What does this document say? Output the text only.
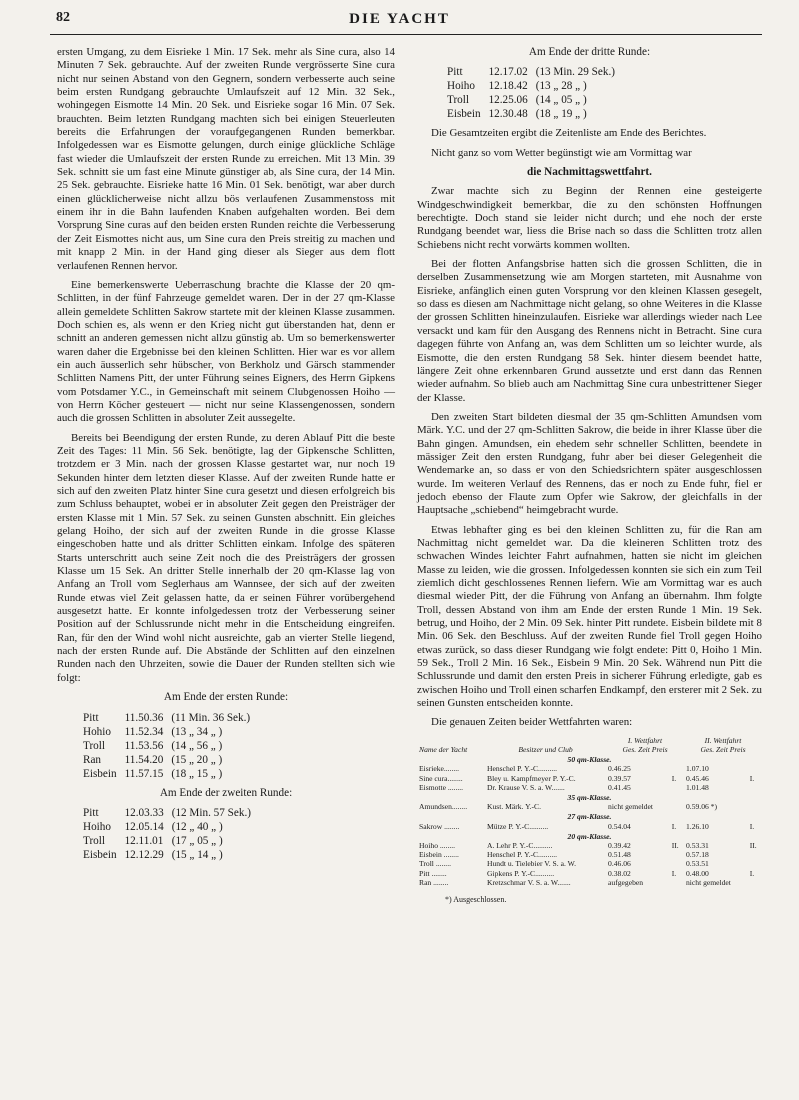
82	DIE YACHT

ersten Umgang, zu dem Eisrieke 1 Min. 17 Sek. mehr als Sine cura, also 14 Minuten 7 Sek. gebrauchte. Auf der zweiten Runde vergrösserte Sine cura nicht nur seinen Abstand von den Gegnern, sondern verbesserte auch seine beim ersten Rundgang gebrauchte Umlaufszeit auf 12 Min. 32 Sek., wohingegen Eismotte 14 Min. 20 Sek. und Eisrieke sogar 16 Min. 07 Sek. brauchten. Beim letzten Rundgang machten sich bei einigen Steuerleuten bereits die Erfahrungen der voraufgegangenen Runden bemerkbar. Infolgedessen war es Eismotte gelungen, durch einige glückliche Schläge fast wieder die Umlaufszeit der ersten Runde zu erreichen. Mit 13 Min. 39 Sek. schnitt sie um fast eine Minute günstiger ab, als Sine cura, der 14 Min. 25 Sek. gebrauchte. Eisrieke hatte 16 Min. 01 Sek. benötigt, war aber durch einen glücklicherweise nicht allzu bös verlaufenen Zusammenstoss mit einem ihr in die Bahn laufenden Knaben aufgehalten worden. Bei dem Vorsprung Sine curas auf den beiden ersten Runden reichte die Verbesserung der Zeit Eismottes nicht aus, um Sine cura den Preis streitig zu machen und mit knapp 2 Min. in der Hand ging dieser als Sieger aus dem flott verlaufenen Rennen hervor.

Eine bemerkenswerte Ueberraschung brachte die Klasse der 20 qm-Schlitten, in der fünf Fahrzeuge gemeldet waren. Der in der 27 qm-Klasse allein gemeldete Schlitten Sakrow startete mit der kleinen Klasse zusammen. Doch schien es, als wenn er den Krieg nicht gut überstanden hat, denn er schnitt an anderen gemessen nicht allzu günstig ab. Um so bemerkenswerter waren daher die Ergebnisse bei den kleinen Schlitten. Hier war es vor allem ein auch äusserlich sehr hübscher, von Berkholz und Gärsch stammender Schlitten Namens Pitt, der unter Führung seines Eigners, des Herrn Gipkens vom Potsdamer Y.C., in Gemeinschaft mit seinem Clubgenossen Hoiho — von Herrn Köcher gesteuert — nicht nur seine Klassengenossen, sondern auch die grossen Schlitten in absoluter Zeit aussegelte.

Bereits bei Beendigung der ersten Runde, zu deren Ablauf Pitt die beste Zeit des Tages: 11 Min. 56 Sek. benötigte, lag der Gipkensche Schlitten, trotzdem er 3 Min. nach der grossen Klasse gestartet war, nur noch 19 Sekunden hinter dem letzten dieser Klasse. Auf der zweiten Runde hatte er sich auf den zweiten Platz hinter Sine cura gesetzt und diesen erfolgreich bis zum Schluss behauptet, wobei er in absoluter Zeit gegen den Preisträger der ersten Klasse mit 1 Min. 57 Sek. zu seinen Gunsten abschnitt. Ein gleiches gelang Hoiho, der sich auf der zweiten Runde in die grosse Klasse eingeschoben hatte und als dritter Schlitten einkam. Infolge des späteren Starts unterschritt auch seine Zeit noch die des Preisträgers der grossen Klasse um 15 Sek. An dritter Stelle innerhalb der 20 qm-Klasse lag von Anfang an Troll vom Seglerhaus am Wannsee, der sich auf der zweiten Runde etwas viel Zeit gelassen hatte, da er seinen Führer vorübergehend ausgesetzt hatte. Er konnte infolgedessen trotz der Verbesserung seiner Position auf der Schlussrunde nicht mehr in die Entscheidung eingreifen. Ran, für den der Wind wohl nicht ausreichte, gab an vierter Stelle liegend, nach der ersten Runde auf. Die Abstände der Schlitten auf den einzelnen Runden nach den Uhrzeiten, sowie die Dauer der Runden stellten sich wie folgt:

Am Ende der ersten Runde:
Pitt	11.50.36	(11 Min. 36 Sek.)
Hohio	11.52.34	(13 „ 34 „ )
Troll	11.53.56	(14 „ 56 „ )
Ran	11.54.20	(15 „ 20 „ )
Eisbein	11.57.15	(18 „ 15 „ )
Am Ende der zweiten Runde:
Pitt	12.03.33	(12 Min. 57 Sek.)
Hoiho	12.05.14	(12 „ 40 „ )
Troll	12.11.01	(17 „ 05 „ )
Eisbein	12.12.29	(15 „ 14 „ )
Am Ende der dritte Runde:
Pitt	12.17.02	(13 Min. 29 Sek.)
Hoiho	12.18.42	(13 „ 28 „ )
Troll	12.25.06	(14 „ 05 „ )
Eisbein	12.30.48	(18 „ 19 „ )

Die Gesamtzeiten ergibt die Zeitenliste am Ende des Berichtes.

Nicht ganz so vom Wetter begünstigt wie am Vormittag war

die Nachmittagswettfahrt.

Zwar machte sich zu Beginn der Rennen eine gesteigerte Windgeschwindigkeit bemerkbar, die zu den schönsten Hoffnungen berechtigte. Doch stand sie leider nicht durch; und ehe noch der erste Rundgang beendet war, liess die Brise nach so dass die Schlitten trotz allen Schiebens nicht recht vorwärts kommen wollten.

Bei der flotten Anfangsbrise hatten sich die grossen Schlitten, die in derselben Zusammensetzung wie am Morgen starteten, mit Ausnahme von Eisrieke, anfänglich einen guten Vorsprung vor den kleinen Klassen gesegelt, so dass es diesen am Nachmittage nicht gelang, so ohne Weiteres in die Klasse der grossen Schlitten hineinzulaufen. Eisrieke war allerdings wieder nach Lee versackt und kam für den Ausgang des Rennens nicht in Betracht. Sine cura dagegen führte von Anfang an, was dem Schlitten um so leichter wurde, als Eismotte, die den ersten Rundgang 58 Sek. hinter diesem beendet hatte, längere Zeit ohne erkennbaren Grund aussetzte und erst dann das Rennen wieder aufnahm. So blieb auch am Nachmittag Sine cura unbestrittener Sieger der Klasse.

Den zweiten Start bildeten diesmal der 35 qm-Schlitten Amundsen vom Märk. Y.C. und der 27 qm-Schlitten Sakrow, die beide in ihrer Klasse über die Bahn gingen. Amundsen, ein ehedem sehr schneller Schlitten, beendete in mässiger Zeit den ersten Rundgang, fuhr aber bei dieser Gelegenheit die Wendemarke an, so dass er von den Schiedsrichtern später ausgeschlossen wurde. Im weiteren Verlauf des Rennens, das er noch zu Ende fuhr, fiel er jedoch ebenso der Flaute zum Opfer wie Sakrow, der gleichfalls in der Hauptsache „schiebend“ heimgebracht wurde.

Etwas lebhafter ging es bei den kleinen Schlitten zu, für die Ran am Nachmittag nicht gemeldet war. Da die kleineren Schlitten trotz des schwachen Windes leichter Fahrt aufnahmen, hatten sie nicht im gleichen Masse zu leiden, wie die grossen. Infolgedessen konnten sie sich ein zum Teil ziemlich dicht geschlossenes Rennen liefern. Wie am Vormittag war es auch diesmal wieder Pitt, der die Führung von Anfang an übernahm. Ihm folgte Troll, dessen Abstand von ihm am Ende der ersten Runde 1 Min. 19 Sek. betrug, und Hoiho, der 2 Min. 09 Sek. hinter Pitt rundete. Eisbein bildete mit 8 Min. 06 Sek. den Beschluss. Auf der zweiten Runde fiel Troll gegen Hoiho etwas zurück, so dass dieser Rundgang wie folgt endete: Pitt 0, Hoiho 1 Min. 59 Sek., Troll 2 Min. 16 Sek., Eisbein 9 Min. 20 Sek. Während nun Pitt die Schlussrunde und damit den ersten Preis in sicherer Führung erledigte, gab es zwischen Hoiho und Troll einen scharfen Endkampf, den ersterer mit 2 Sek. zu seinen Gunsten entscheiden konnte.

Die genauen Zeiten beider Wettfahrten waren:

Name der Yacht	Besitzer und Club	I. Wettfahrt		II. Wettfahrt	
		Ges. Zeit Preis		Ges. Zeit Preis	
50 qm-Klasse.					
Eisrieke........	Henschel P. Y.-C..........	0.46.25		1.07.10	
Sine cura........	Bley u. Kampfmeyer P. Y.-C.	0.39.57	I.	0.45.46	I.
Eismotte ........	Dr. Krause V. S. a. W.......	0.41.45		1.01.48	
35 qm-Klasse.					
Amundsen........	Kust. Märk. Y.-C.	nicht gemeldet		0.59.06 *)	
27 qm-Klasse.					
Sakrow ........	Mütze P. Y.-C..........	0.54.04	I.	1.26.10	I.
20 qm-Klasse.					
Hoiho ........	A. Lehr P. Y.-C..........	0.39.42	II.	0.53.31	II.
Eisbein ........	Henschel P. Y.-C..........	0.51.48		0.57.18	
Troll ........	Hundt u. Tielebier V. S. a. W.	0.46.06		0.53.51	
Pitt ........	Gipkens P. Y.-C..........	0.38.02	I.	0.48.00	I.
Ran ........	Kretzschmar V. S. a. W.......	aufgegeben		nicht gemeldet	
*) Ausgeschlossen.
